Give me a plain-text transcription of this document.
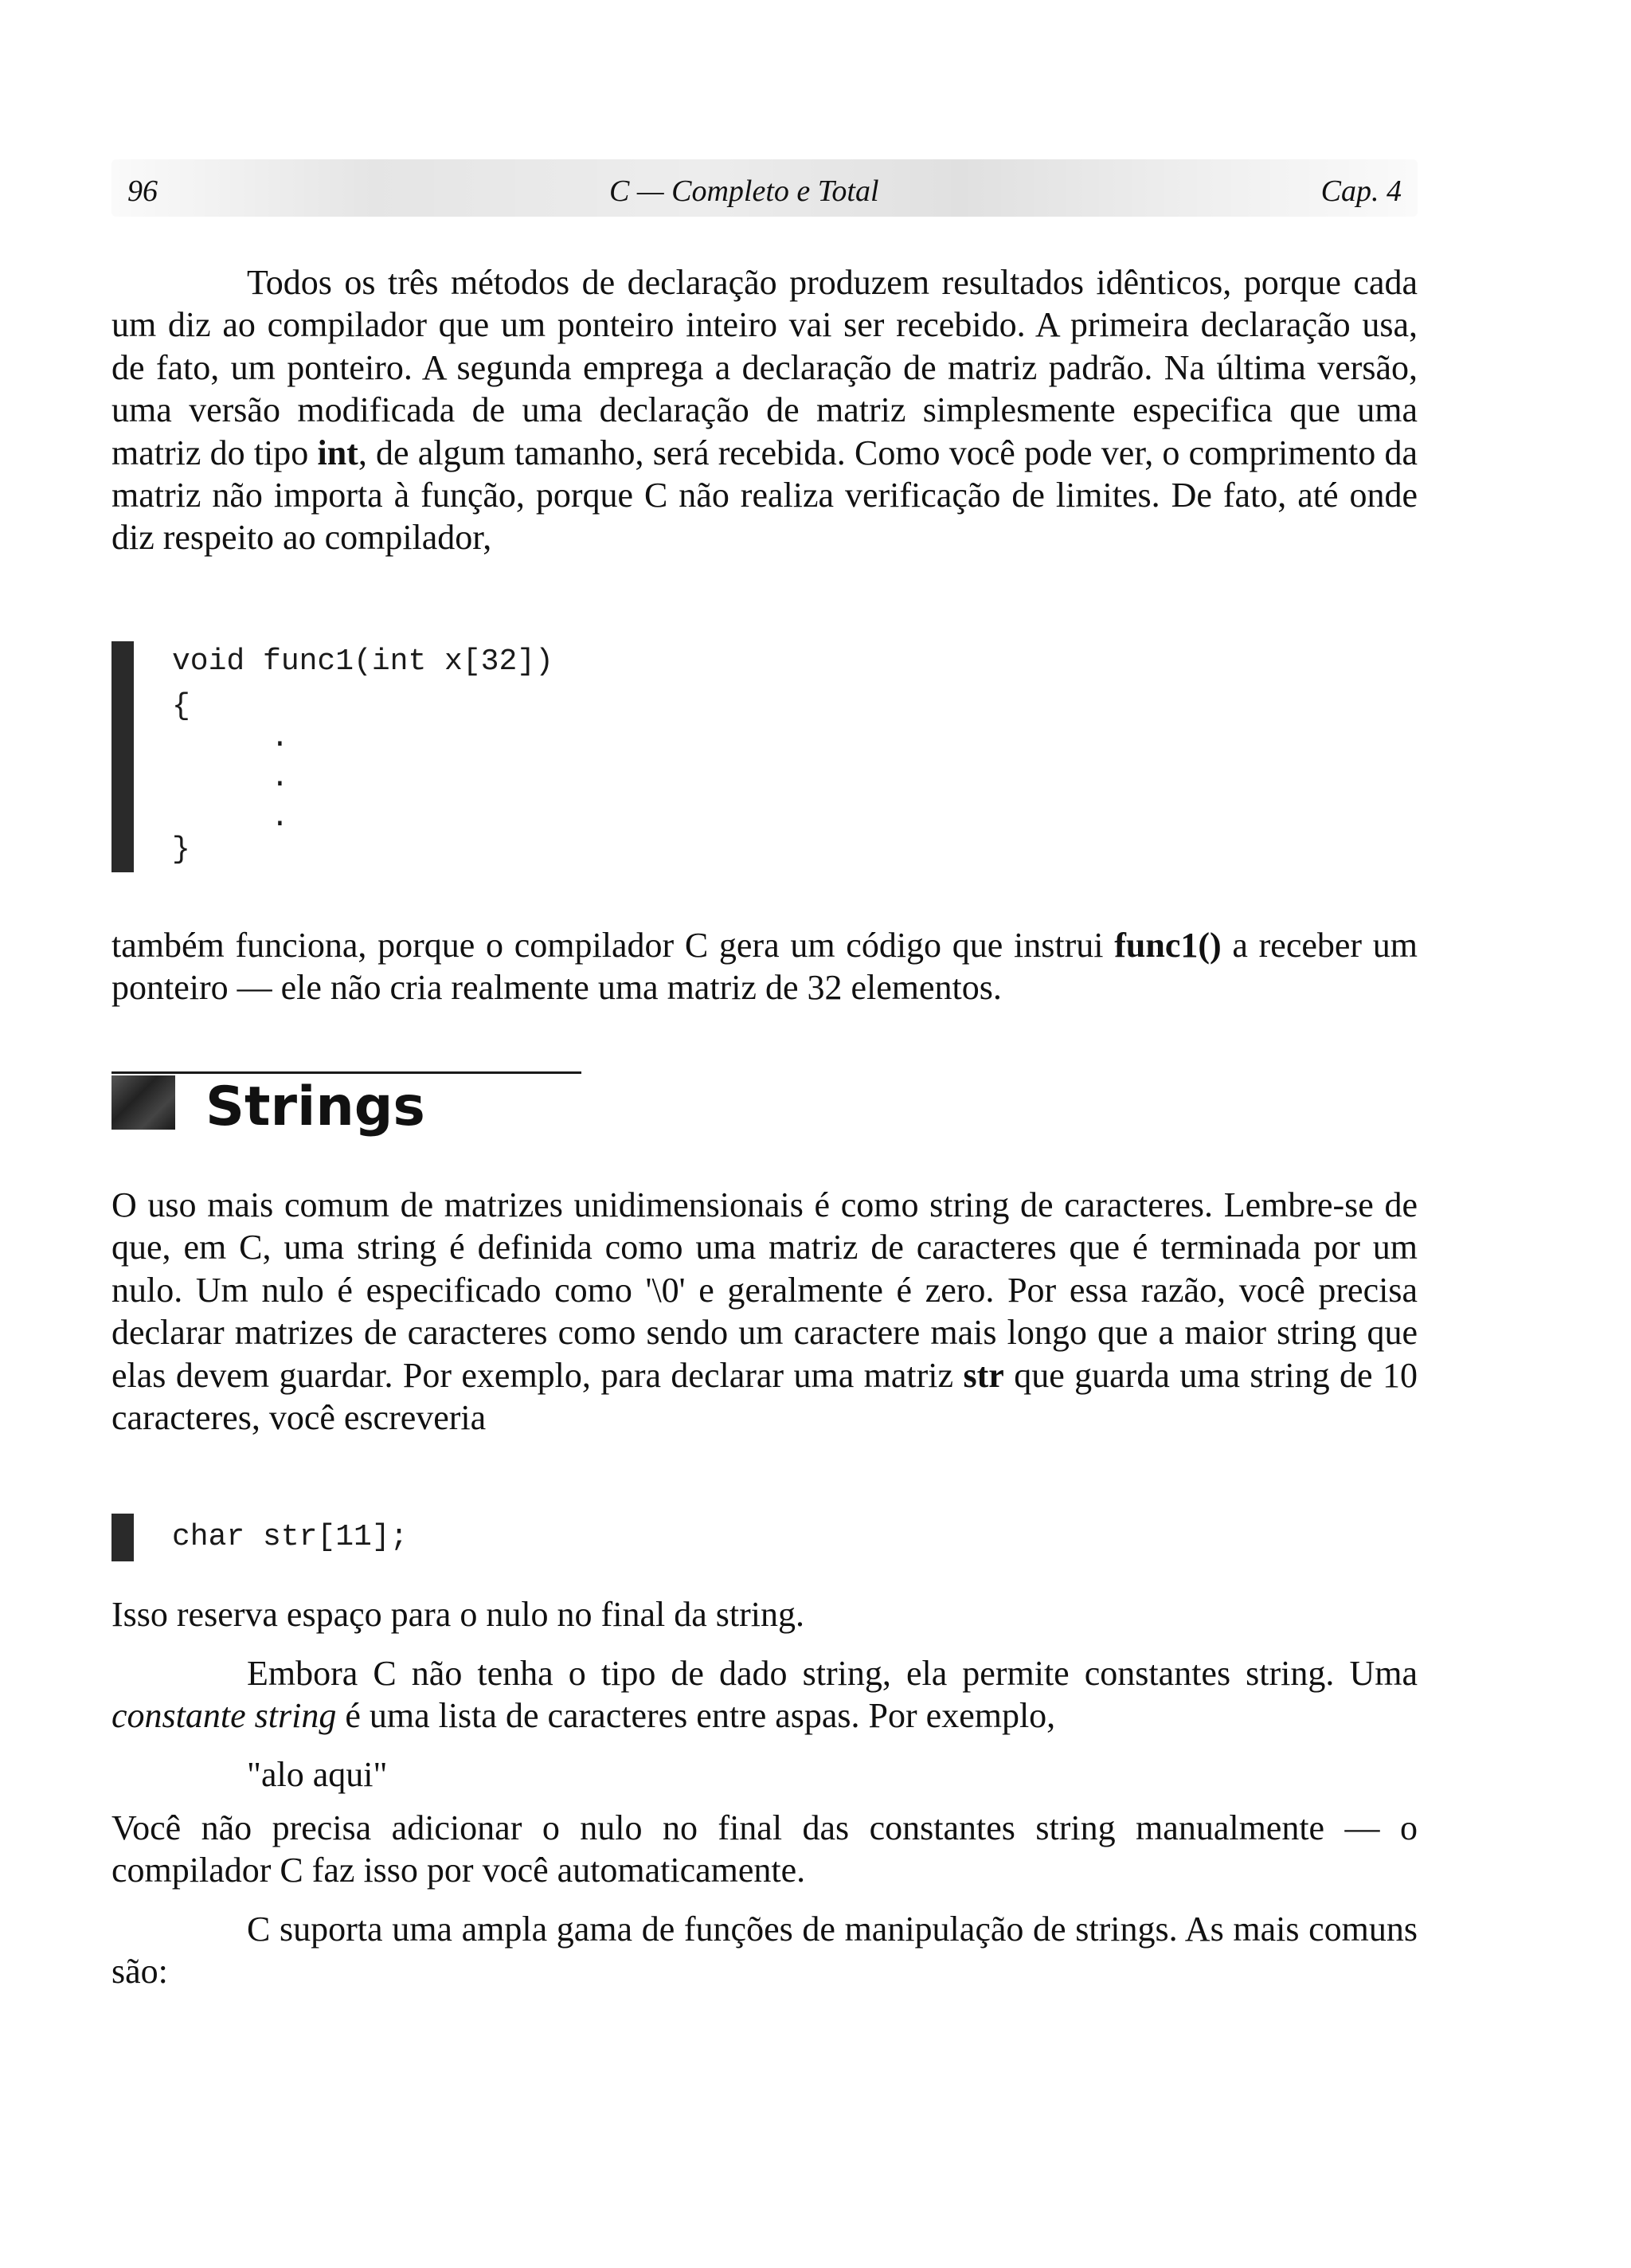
96	C — Completo e Total	Cap. 4

Todos os três métodos de declaração produzem resultados idênticos, porque cada um diz ao compilador que um ponteiro inteiro vai ser recebido. A primeira declaração usa, de fato, um ponteiro. A segunda emprega a declaração de matriz padrão. Na última versão, uma versão modificada de uma declaração de matriz simplesmente especifica que uma matriz do tipo int, de algum tamanho, será recebida. Como você pode ver, o comprimento da matriz não importa à função, porque C não realiza verificação de limites. De fato, até onde diz respeito ao compilador,

void func1(int x[32])
{
.
.
.
}

também funciona, porque o compilador C gera um código que instrui func1() a receber um ponteiro — ele não cria realmente uma matriz de 32 elementos.

Strings

O uso mais comum de matrizes unidimensionais é como string de caracteres. Lembre-se de que, em C, uma string é definida como uma matriz de caracteres que é terminada por um nulo. Um nulo é especificado como '\0' e geralmente é zero. Por essa razão, você precisa declarar matrizes de caracteres como sendo um caractere mais longo que a maior string que elas devem guardar. Por exemplo, para declarar uma matriz str que guarda uma string de 10 caracteres, você escreveria

char str[11];

Isso reserva espaço para o nulo no final da string.

Embora C não tenha o tipo de dado string, ela permite constantes string. Uma constante string é uma lista de caracteres entre aspas. Por exemplo,

"alo aqui"

Você não precisa adicionar o nulo no final das constantes string manualmente — o compilador C faz isso por você automaticamente.

C suporta uma ampla gama de funções de manipulação de strings. As mais comuns são:
